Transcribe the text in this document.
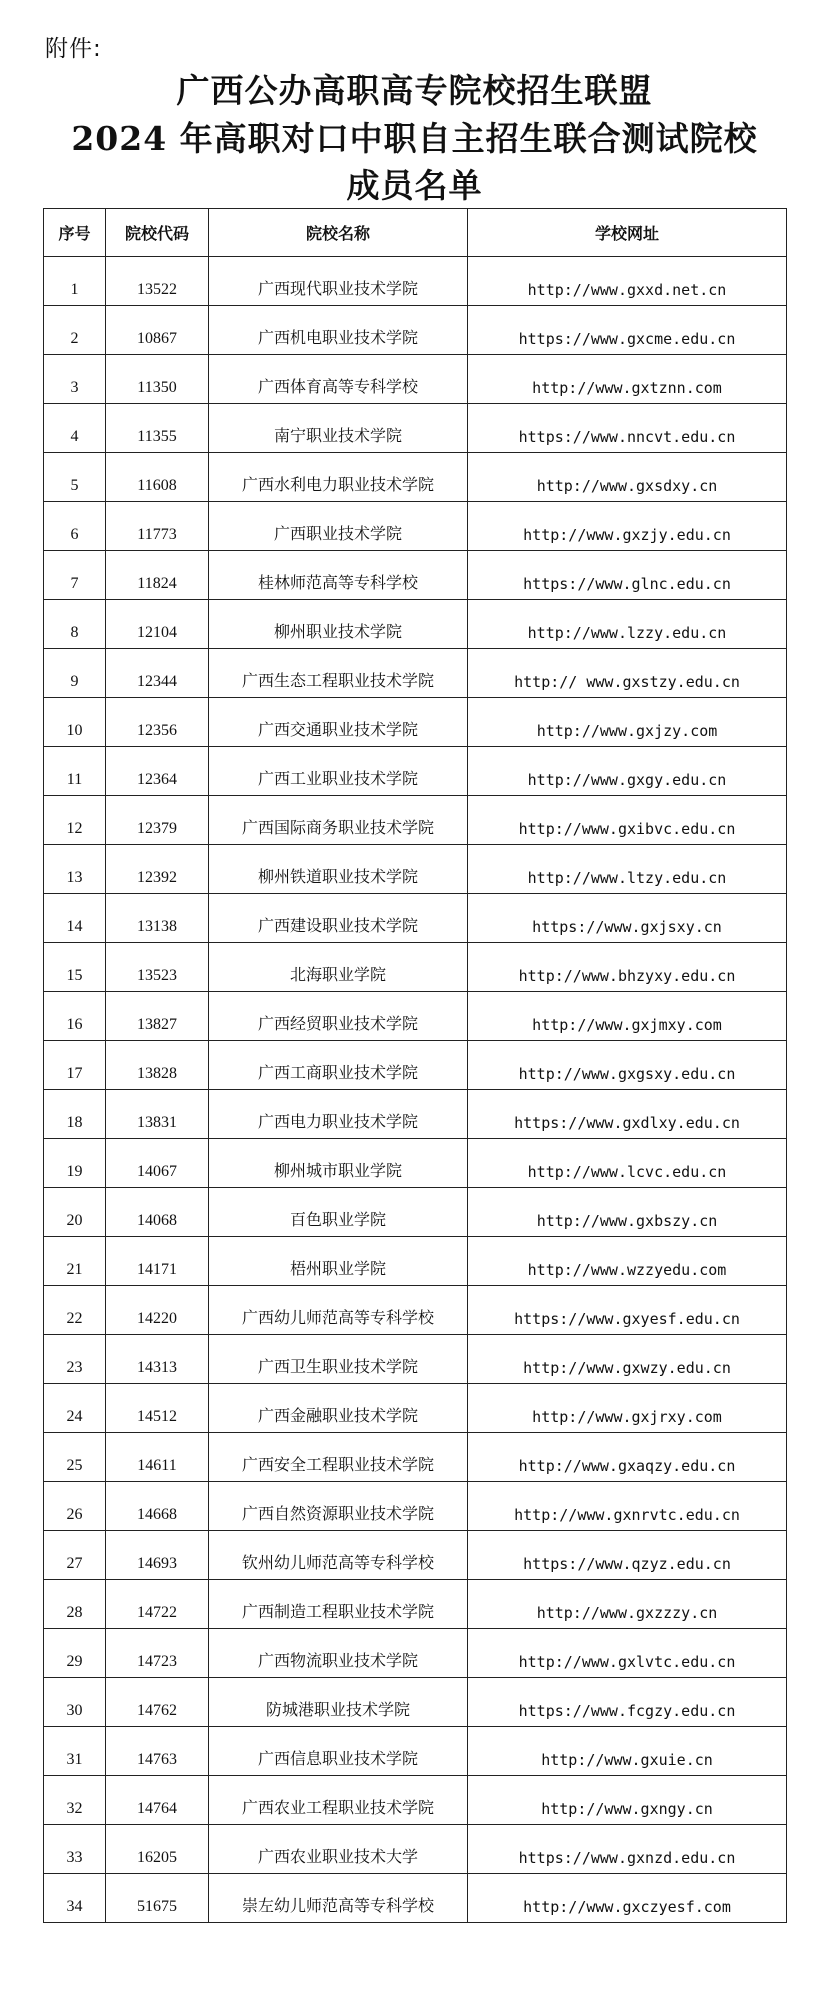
附件:
广西公办高职高专院校招生联盟
2024 年高职对口中职自主招生联合测试院校
成员名单
序号	院校代码	院校名称	学校网址
1	13522	广西现代职业技术学院	http://www.gxxd.net.cn
2	10867	广西机电职业技术学院	https://www.gxcme.edu.cn
3	11350	广西体育高等专科学校	http://www.gxtznn.com
4	11355	南宁职业技术学院	https://www.nncvt.edu.cn
5	11608	广西水利电力职业技术学院	http://www.gxsdxy.cn
6	11773	广西职业技术学院	http://www.gxzjy.edu.cn
7	11824	桂林师范高等专科学校	https://www.glnc.edu.cn
8	12104	柳州职业技术学院	http://www.lzzy.edu.cn
9	12344	广西生态工程职业技术学院	http:// www.gxstzy.edu.cn
10	12356	广西交通职业技术学院	http://www.gxjzy.com
11	12364	广西工业职业技术学院	http://www.gxgy.edu.cn
12	12379	广西国际商务职业技术学院	http://www.gxibvc.edu.cn
13	12392	柳州铁道职业技术学院	http://www.ltzy.edu.cn
14	13138	广西建设职业技术学院	https://www.gxjsxy.cn
15	13523	北海职业学院	http://www.bhzyxy.edu.cn
16	13827	广西经贸职业技术学院	http://www.gxjmxy.com
17	13828	广西工商职业技术学院	http://www.gxgsxy.edu.cn
18	13831	广西电力职业技术学院	https://www.gxdlxy.edu.cn
19	14067	柳州城市职业学院	http://www.lcvc.edu.cn
20	14068	百色职业学院	http://www.gxbszy.cn
21	14171	梧州职业学院	http://www.wzzyedu.com
22	14220	广西幼儿师范高等专科学校	https://www.gxyesf.edu.cn
23	14313	广西卫生职业技术学院	http://www.gxwzy.edu.cn
24	14512	广西金融职业技术学院	http://www.gxjrxy.com
25	14611	广西安全工程职业技术学院	http://www.gxaqzy.edu.cn
26	14668	广西自然资源职业技术学院	http://www.gxnrvtc.edu.cn
27	14693	钦州幼儿师范高等专科学校	https://www.qzyz.edu.cn
28	14722	广西制造工程职业技术学院	http://www.gxzzzy.cn
29	14723	广西物流职业技术学院	http://www.gxlvtc.edu.cn
30	14762	防城港职业技术学院	https://www.fcgzy.edu.cn
31	14763	广西信息职业技术学院	http://www.gxuie.cn
32	14764	广西农业工程职业技术学院	http://www.gxngy.cn
33	16205	广西农业职业技术大学	https://www.gxnzd.edu.cn
34	51675	崇左幼儿师范高等专科学校	http://www.gxczyesf.com
